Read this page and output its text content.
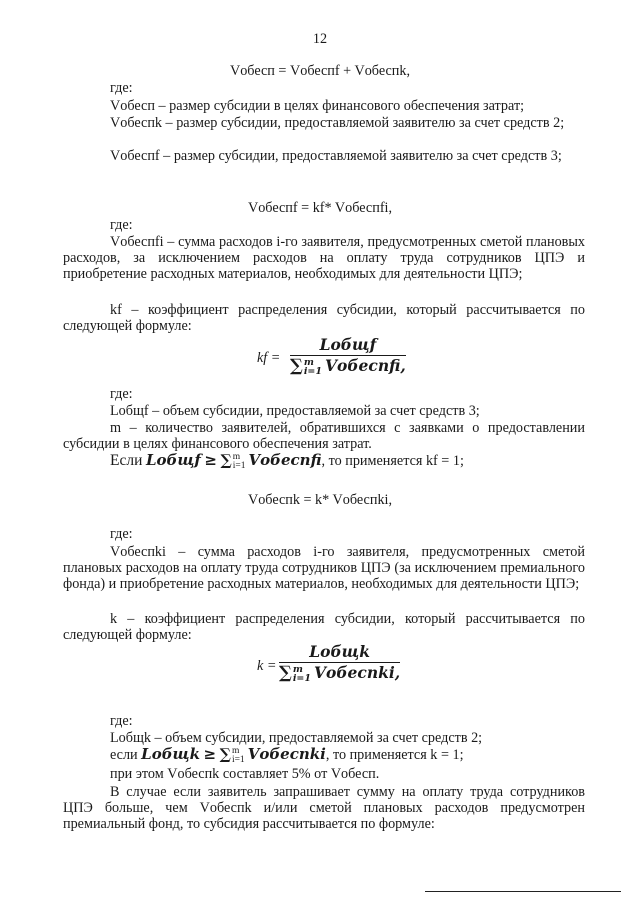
12
Vобесп = Vобеспf + Vобеспk,
где:
Vобесп – размер субсидии в целях финансового обеспечения затрат;
Vобеспk – размер субсидии, предоставляемой заявителю за счет средств 2;
Vобеспf – размер субсидии, предоставляемой заявителю за счет средств 3;
Vобеспf = kf* Vобеспfi,
где:
Vобеспfi – сумма расходов i-го заявителя, предусмотренных сметой плановых расходов, за исключением расходов на оплату труда сотрудников ЦПЭ и приобретение расходных материалов, необходимых для деятельности ЦПЭ;
kf – коэффициент распределения субсидии, который рассчитывается по следующей формуле:
kf =
Lобщf
∑ m
i=1 Vобеспfi,
где:
Lобщf – объем субсидии, предоставляемой за счет средств 3;
m – количество заявителей, обратившихся с заявками о предоставлении субсидии в целях финансового обеспечения затрат.
Если Lобщf ≥ ∑ m
i=1 Vобеспfi, то применяется kf = 1;
Vобеспk = k* Vобеспki,
где:
Vобеспki – сумма расходов i-го заявителя, предусмотренных сметой плановых расходов на оплату труда сотрудников ЦПЭ (за исключением премиального фонда) и приобретение расходных материалов, необходимых для деятельности ЦПЭ;
k – коэффициент распределения субсидии, который рассчитывается по следующей формуле:
k =
Lобщk
∑ m
i=1 Vобеспki,
где:
Lобщk – объем субсидии, предоставляемой за счет средств 2;
если Lобщk ≥ ∑ m
i=1 Vобеспki, то применяется k = 1;
при этом Vобеспk составляет 5% от Vобесп.
В случае если заявитель запрашивает сумму на оплату труда сотрудников ЦПЭ больше, чем Vобеспk и/или сметой плановых расходов предусмотрен премиальный фонд, то субсидия рассчитывается по формуле:
